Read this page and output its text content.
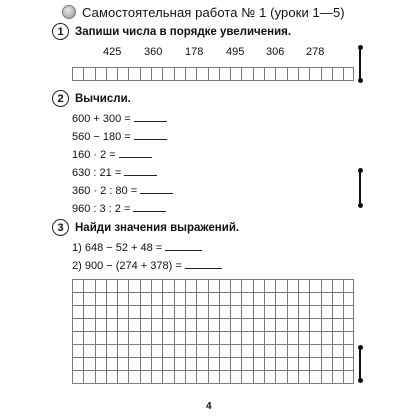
Самостоятельная работа № 1 (уроки 1—5)
1 Запиши числа в порядке увеличения.
425 360 178 495 306 278
2 Вычисли.
600 + 300 =
560 − 180 =
160 · 2 =
630 : 21 =
360 · 2 : 80 =
960 : 3 : 2 =
3 Найди значения выражений.
1) 648 − 52 + 48 =
2) 900 − (274 + 378) =
4
